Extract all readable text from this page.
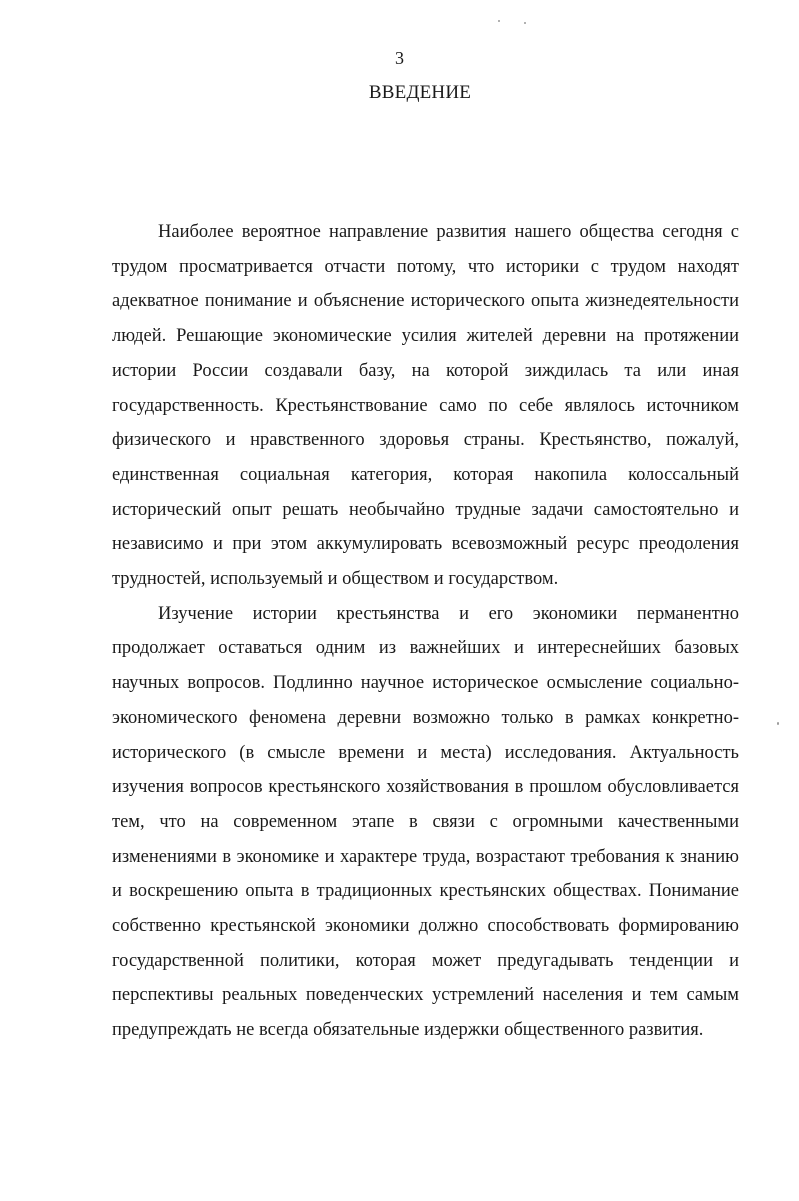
3
ВВЕДЕНИЕ

Наиболее вероятное направление развития нашего общества сегодня с трудом просматривается отчасти потому, что историки с трудом находят адекватное понимание и объяснение исторического опыта жизнедеятельности людей. Решающие экономические усилия жителей деревни на протяжении истории России создавали базу, на которой зиждилась та или иная государственность. Крестьянствование само по себе являлось источником физического и нравственного здоровья страны. Крестьянство, пожалуй, единственная социальная категория, которая накопила колоссальный исторический опыт решать необычайно трудные задачи самостоятельно и независимо и при этом аккумулировать всевозможный ресурс преодоления трудностей, используемый и обществом и государством.

Изучение истории крестьянства и его экономики перманентно продолжает оставаться одним из важнейших и интереснейших базовых научных вопросов. Подлинно научное историческое осмысление социально-экономического феномена деревни возможно только в рамках конкретно-исторического (в смысле времени и места) исследования. Актуальность изучения вопросов крестьянского хозяйствования в прошлом обусловливается тем, что на современном этапе в связи с огромными качественными изменениями в экономике и характере труда, возрастают требования к знанию и воскрешению опыта в традиционных крестьянских обществах. Понимание собственно крестьянской экономики должно способствовать формированию государственной политики, которая может предугадывать тенденции и перспективы реальных поведенческих устремлений населения и тем самым предупреждать не всегда обязательные издержки общественного развития.
